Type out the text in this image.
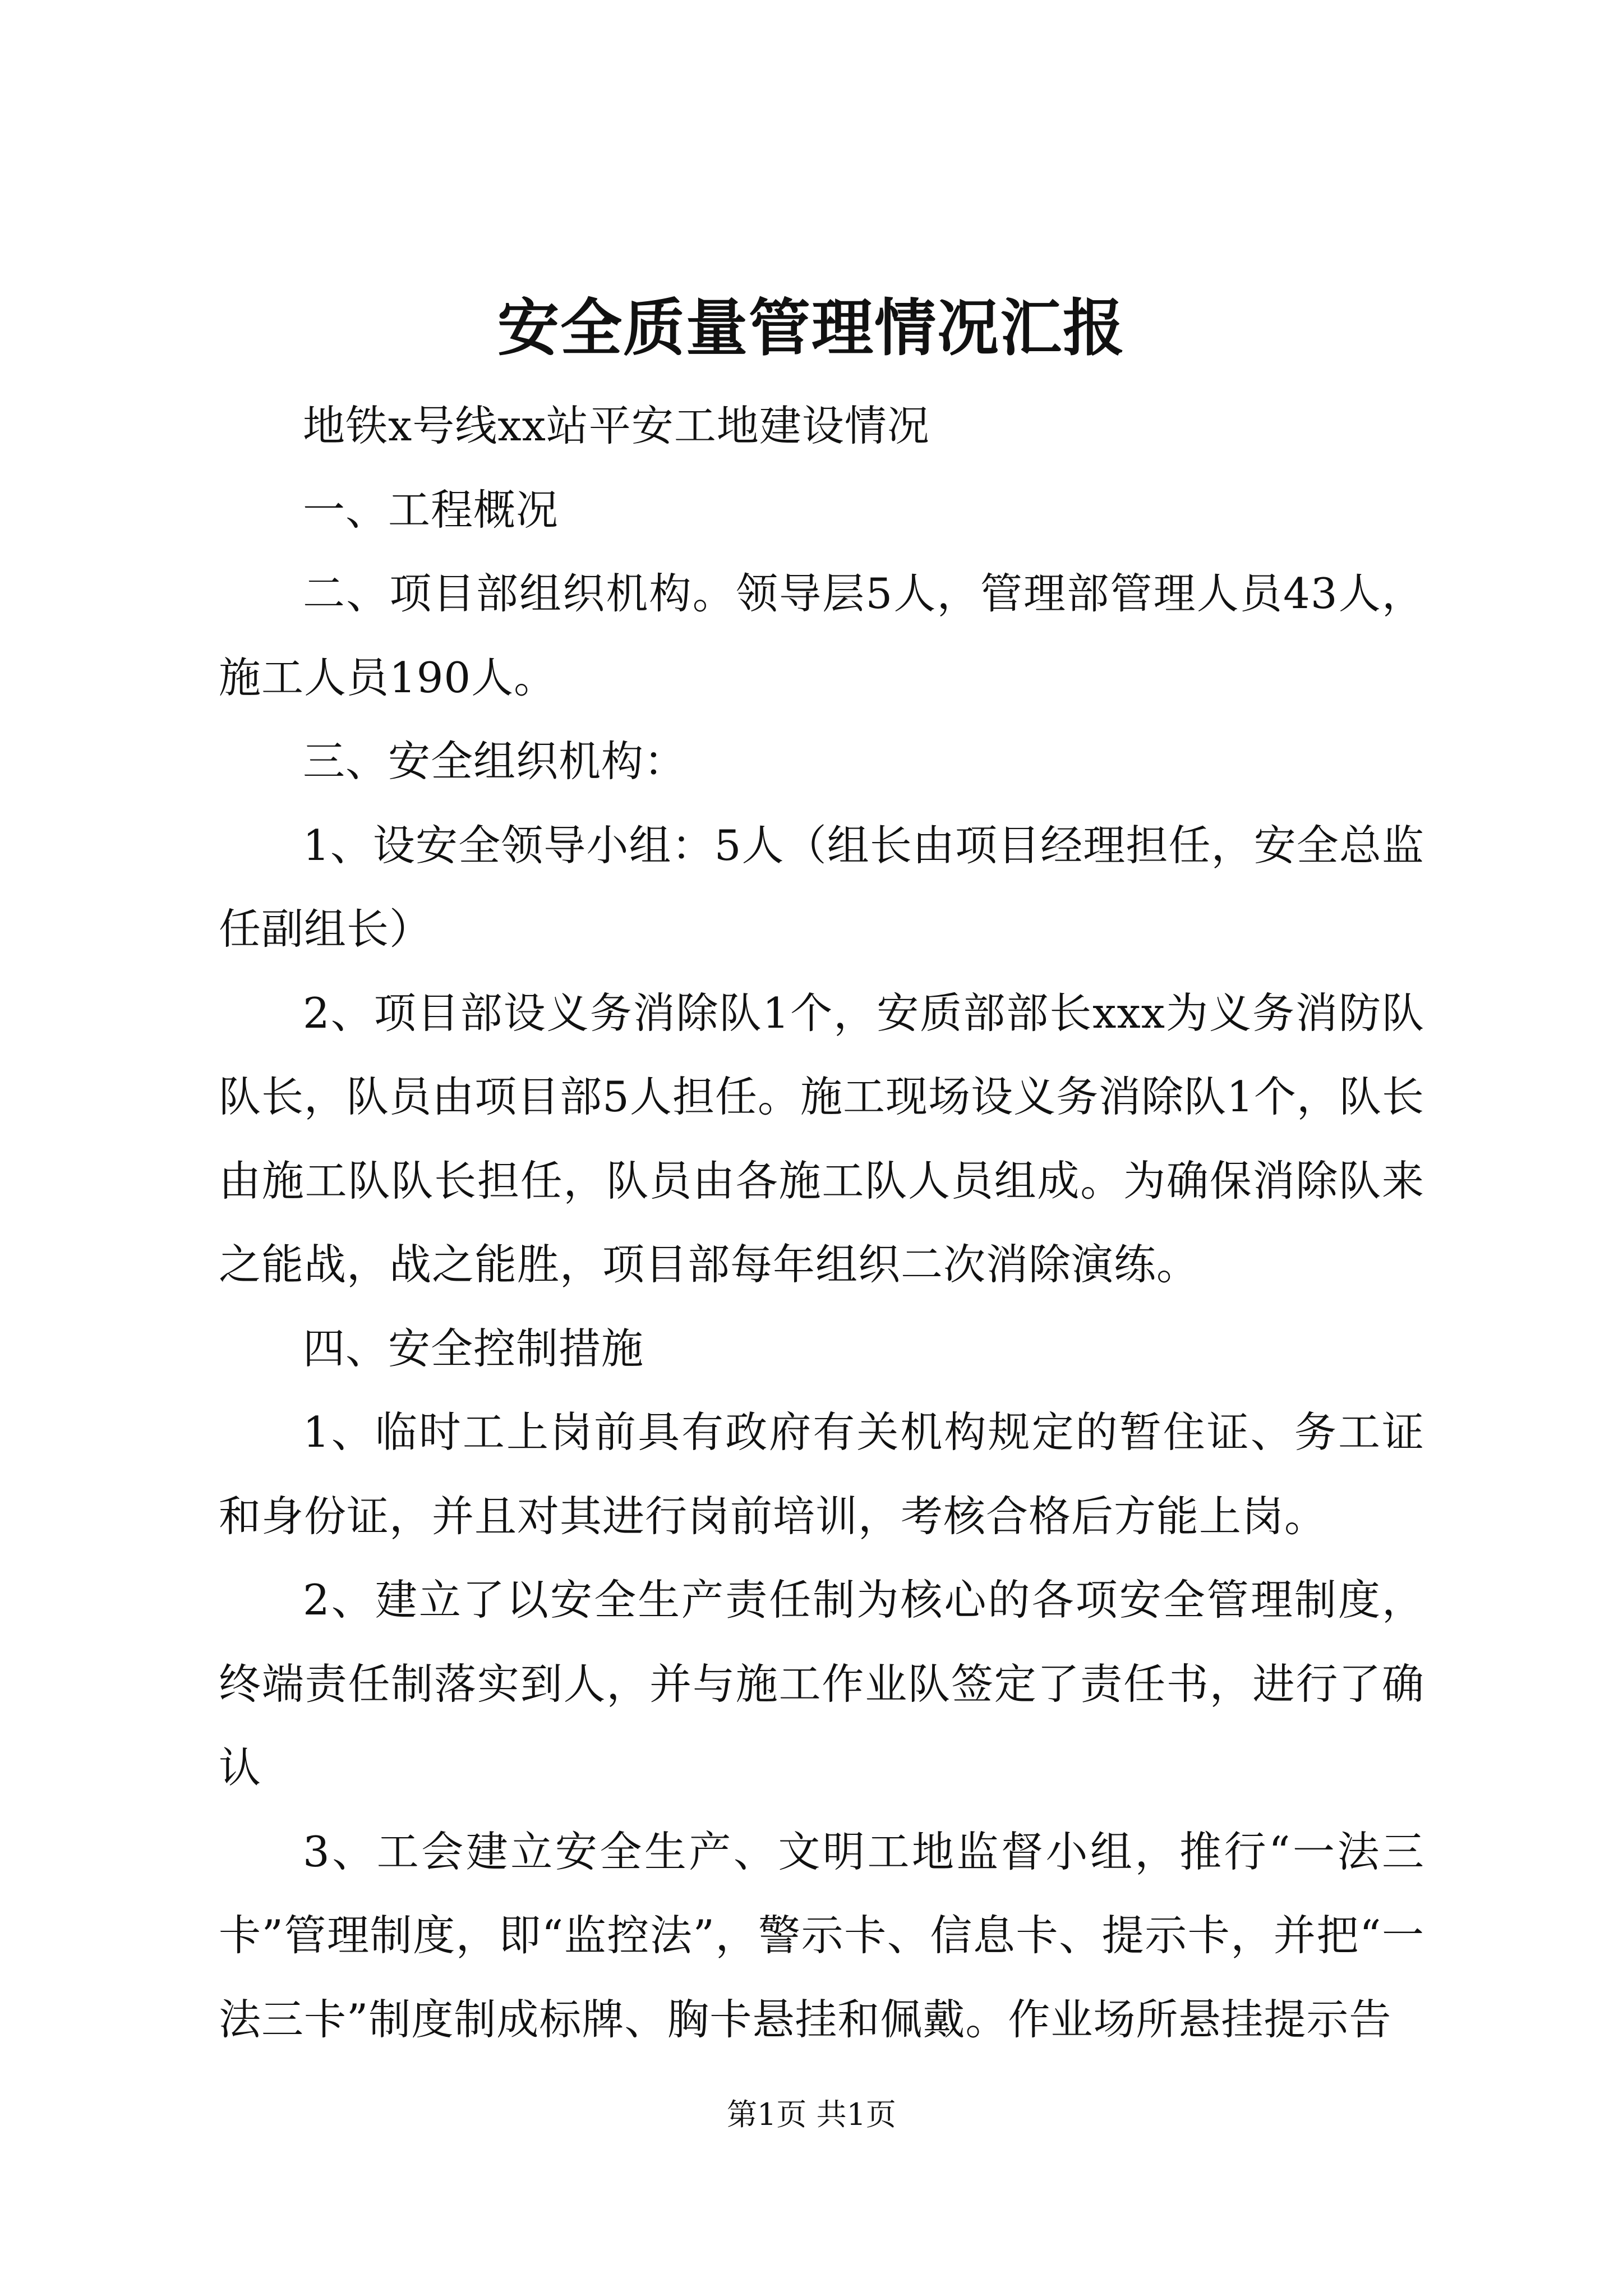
安全质量管理情况汇报

地铁x号线xx站平安工地建设情况

一、工程概况

二、项目部组织机构。领导层5人，管理部管理人员43人，施工人员190人。

三、安全组织机构：

1、设安全领导小组：5人（组长由项目经理担任，安全总监任副组长）

2、项目部设义务消除队1个，安质部部长xxx为义务消防队队长，队员由项目部5人担任。施工现场设义务消除队1个，队长由施工队队长担任，队员由各施工队人员组成。为确保消除队来之能战，战之能胜，项目部每年组织二次消除演练。

四、安全控制措施

1、临时工上岗前具有政府有关机构规定的暂住证、务工证和身份证，并且对其进行岗前培训，考核合格后方能上岗。

2、建立了以安全生产责任制为核心的各项安全管理制度，终端责任制落实到人，并与施工作业队签定了责任书，进行了确认

3、工会建立安全生产、文明工地监督小组，推行“一法三卡”管理制度，即“监控法”，警示卡、信息卡、提示卡，并把“一法三卡”制度制成标牌、胸卡悬挂和佩戴。作业场所悬挂提示告

第1页 共1页
